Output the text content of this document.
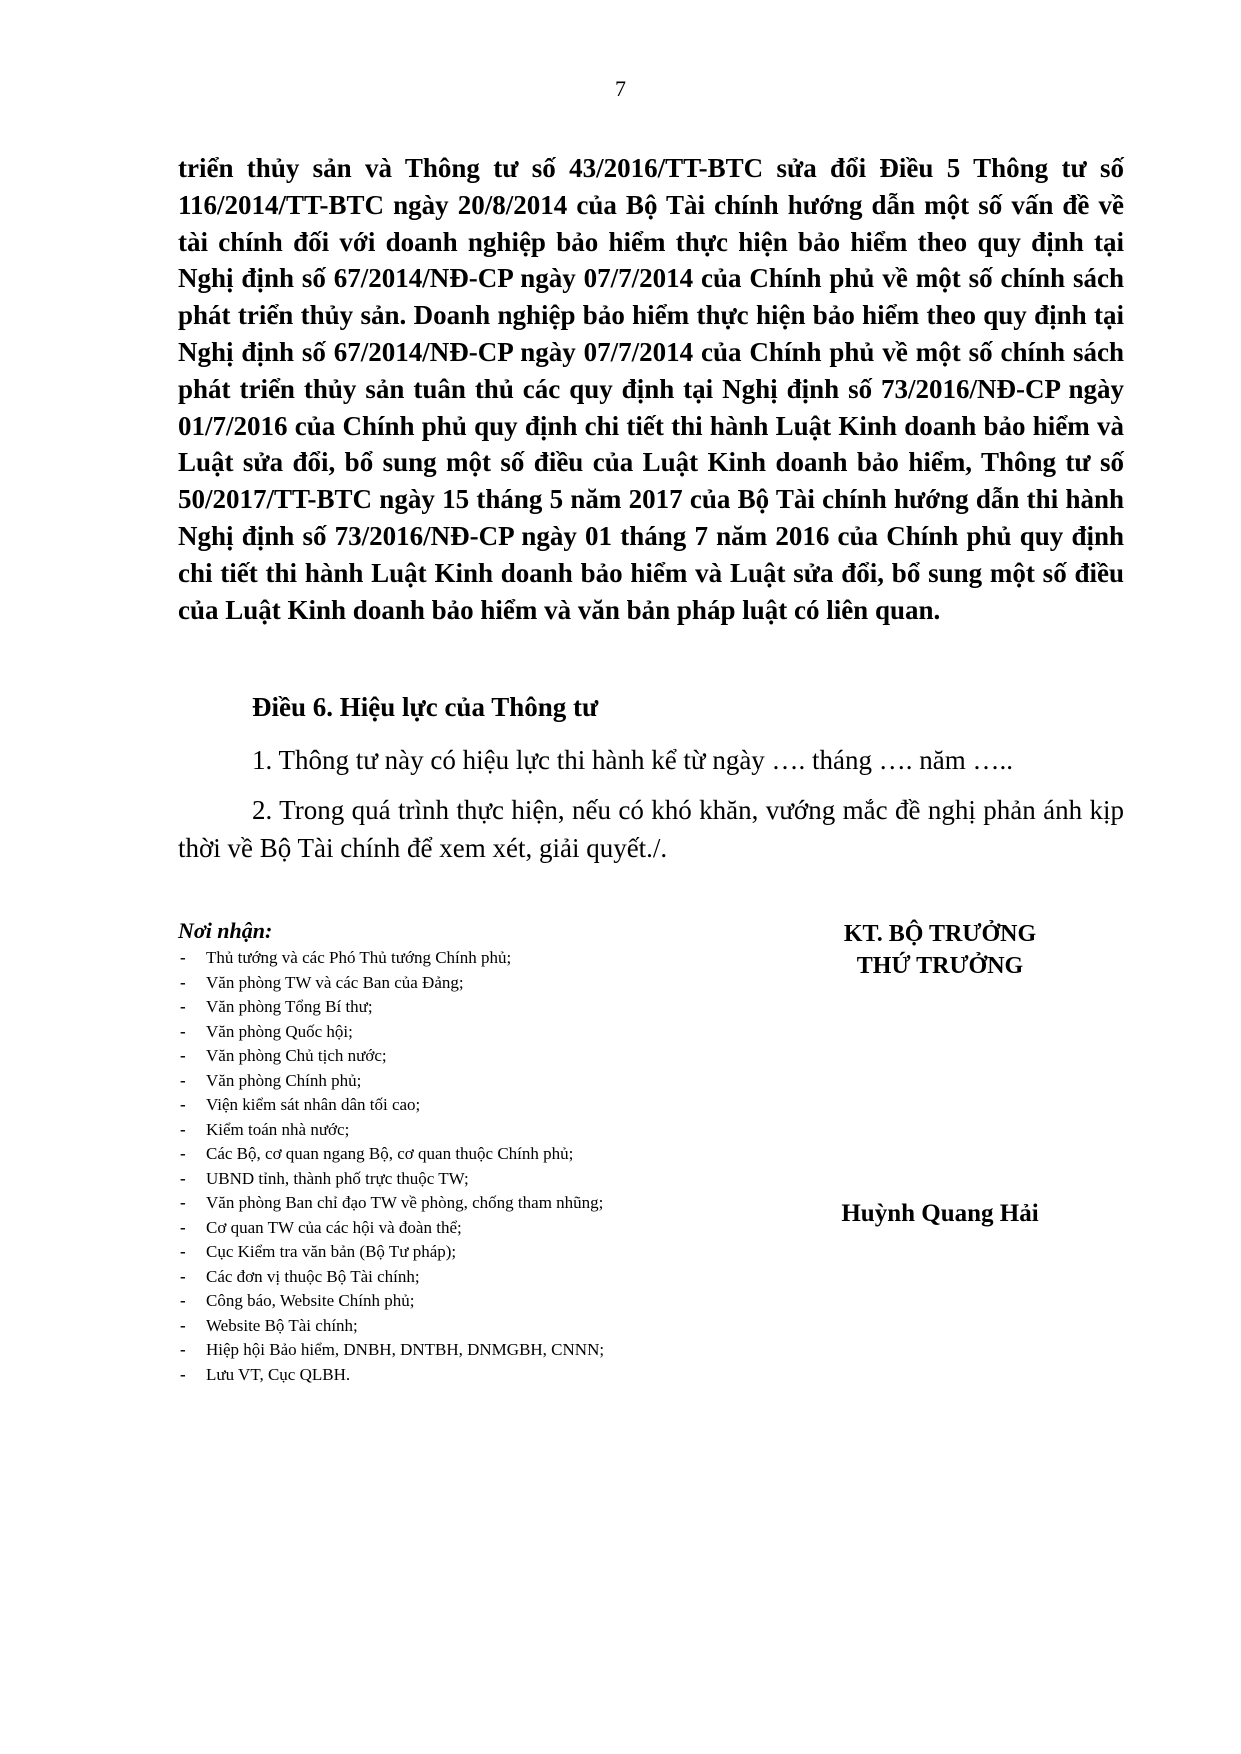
7

triển thủy sản và Thông tư số 43/2016/TT-BTC sửa đổi Điều 5 Thông tư số 116/2014/TT-BTC ngày 20/8/2014 của Bộ Tài chính hướng dẫn một số vấn đề về tài chính đối với doanh nghiệp bảo hiểm thực hiện bảo hiểm theo quy định tại Nghị định số 67/2014/NĐ-CP ngày 07/7/2014 của Chính phủ về một số chính sách phát triển thủy sản. Doanh nghiệp bảo hiểm thực hiện bảo hiểm theo quy định tại Nghị định số 67/2014/NĐ-CP ngày 07/7/2014 của Chính phủ về một số chính sách phát triển thủy sản tuân thủ các quy định tại Nghị định số 73/2016/NĐ-CP ngày 01/7/2016 của Chính phủ quy định chi tiết thi hành Luật Kinh doanh bảo hiểm và Luật sửa đổi, bổ sung một số điều của Luật Kinh doanh bảo hiểm, Thông tư số 50/2017/TT-BTC ngày 15 tháng 5 năm 2017 của Bộ Tài chính hướng dẫn thi hành Nghị định số 73/2016/NĐ-CP ngày 01 tháng 7 năm 2016 của Chính phủ quy định chi tiết thi hành Luật Kinh doanh bảo hiểm và Luật sửa đổi, bổ sung một số điều của Luật Kinh doanh bảo hiểm và văn bản pháp luật có liên quan.

Điều 6. Hiệu lực của Thông tư

1. Thông tư này có hiệu lực thi hành kể từ ngày …. tháng …. năm …..

2. Trong quá trình thực hiện, nếu có khó khăn, vướng mắc đề nghị phản ánh kịp thời về Bộ Tài chính để xem xét, giải quyết./.

Nơi nhận:

- Thủ tướng và các Phó Thủ tướng Chính phủ;
- Văn phòng TW và các Ban của Đảng;
- Văn phòng Tổng Bí thư;
- Văn phòng Quốc hội;
- Văn phòng Chủ tịch nước;
- Văn phòng Chính phủ;
- Viện kiểm sát nhân dân tối cao;
- Kiểm toán nhà nước;
- Các Bộ, cơ quan ngang Bộ, cơ quan thuộc Chính phủ;
- UBND tỉnh, thành phố trực thuộc TW;
- Văn phòng Ban chỉ đạo TW về phòng, chống tham nhũng;
- Cơ quan TW của các hội và đoàn thể;
- Cục Kiểm tra văn bản (Bộ Tư pháp);
- Các đơn vị thuộc Bộ Tài chính;
- Công báo, Website Chính phủ;
- Website Bộ Tài chính;
- Hiệp hội Bảo hiểm, DNBH, DNTBH, DNMGBH, CNNN;
- Lưu VT, Cục QLBH.

KT. BỘ TRƯỞNG

THỨ TRƯỞNG

Huỳnh Quang Hải
